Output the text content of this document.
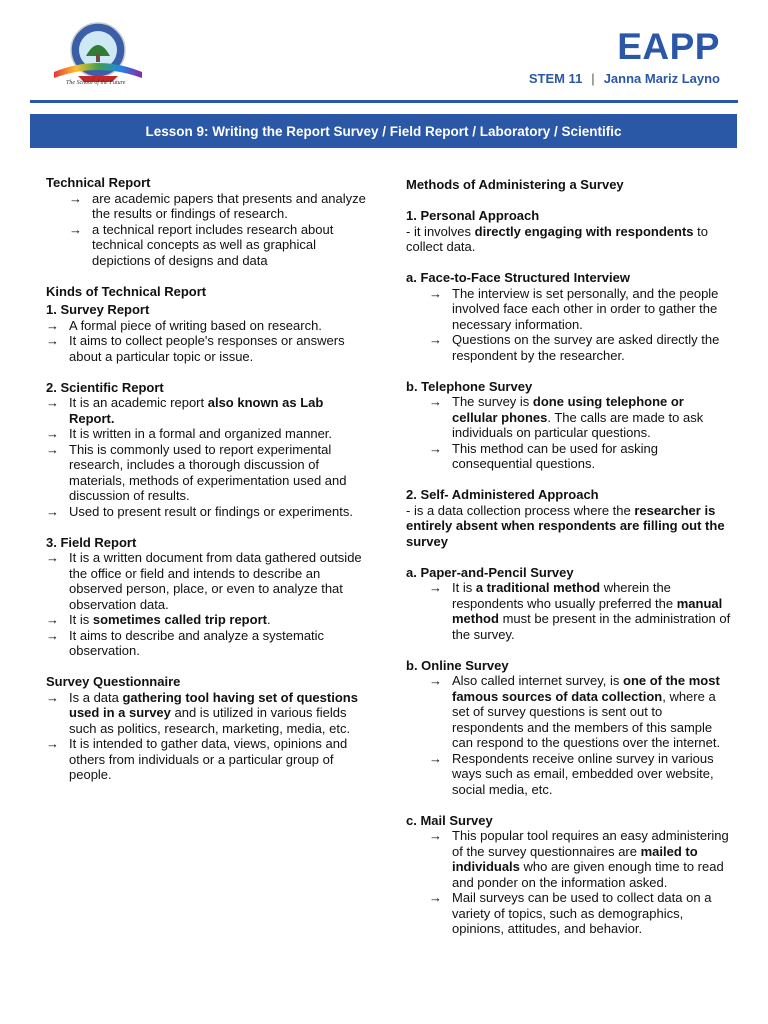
The School of the Future
EAPP
STEM 11 | Janna Mariz Layno
Lesson 9: Writing the Report Survey / Field Report / Laboratory / Scientific
Technical Report
→ are academic papers that presents and analyze the results or findings of research.
→ a technical report includes research about technical concepts as well as graphical depictions of designs and data
Kinds of Technical Report
1. Survey Report
→ A formal piece of writing based on research.
→ It aims to collect people's responses or answers about a particular topic or issue.
2. Scientific Report
→ It is an academic report also known as Lab Report.
→ It is written in a formal and organized manner.
→ This is commonly used to report experimental research, includes a thorough discussion of materials, methods of experimentation used and discussion of results.
→ Used to present result or findings or experiments.
3. Field Report
→ It is a written document from data gathered outside the office or field and intends to describe an observed person, place, or even to analyze that observation data.
→ It is sometimes called trip report.
→ It aims to describe and analyze a systematic observation.
Survey Questionnaire
→ Is a data gathering tool having set of questions used in a survey and is utilized in various fields such as politics, research, marketing, media, etc.
→ It is intended to gather data, views, opinions and others from individuals or a particular group of people.
Methods of Administering a Survey
1. Personal Approach
- it involves directly engaging with respondents to collect data.
a. Face-to-Face Structured Interview
→ The interview is set personally, and the people involved face each other in order to gather the necessary information.
→ Questions on the survey are asked directly the respondent by the researcher.
b. Telephone Survey
→ The survey is done using telephone or cellular phones. The calls are made to ask individuals on particular questions.
→ This method can be used for asking consequential questions.
2. Self- Administered Approach
- is a data collection process where the researcher is entirely absent when respondents are filling out the survey
a. Paper-and-Pencil Survey
→ It is a traditional method wherein the respondents who usually preferred the manual method must be present in the administration of the survey.
b. Online Survey
→ Also called internet survey, is one of the most famous sources of data collection, where a set of survey questions is sent out to respondents and the members of this sample can respond to the questions over the internet.
→ Respondents receive online survey in various ways such as email, embedded over website, social media, etc.
c. Mail Survey
→ This popular tool requires an easy administering of the survey questionnaires are mailed to individuals who are given enough time to read and ponder on the information asked.
→ Mail surveys can be used to collect data on a variety of topics, such as demographics, opinions, attitudes, and behavior.
